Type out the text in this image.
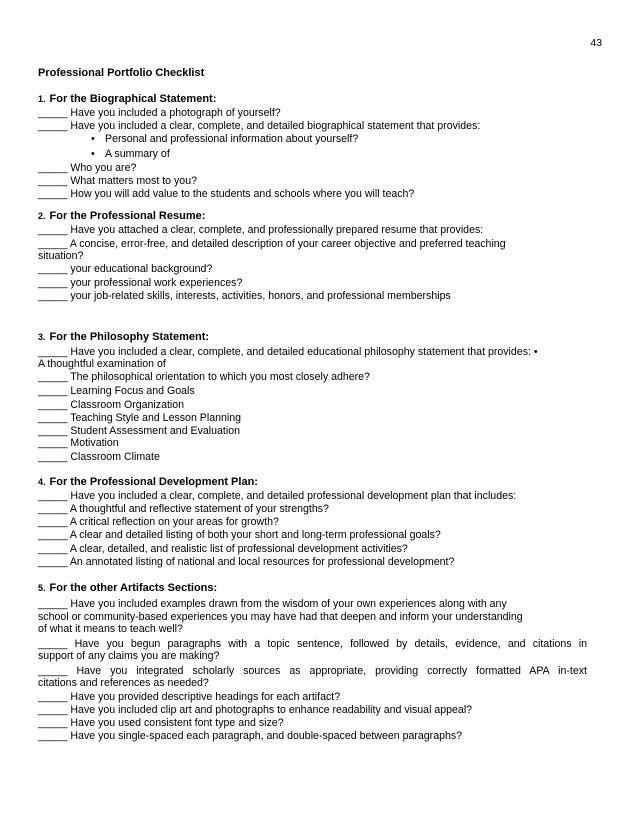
43
Professional Portfolio Checklist
1. For the Biographical Statement:
_____ Have you included a photograph of yourself?
_____ Have you included a clear, complete, and detailed biographical statement that provides:
• Personal and professional information about yourself?
• A summary of
_____ Who you are?
_____ What matters most to you?
_____ How you will add value to the students and schools where you will teach?
2. For the Professional Resume:
_____ Have you attached a clear, complete, and professionally prepared resume that provides:
_____ A concise, error-free, and detailed description of your career objective and preferred teaching
situation?
_____ your educational background?
_____ your professional work experiences?
_____ your job-related skills, interests, activities, honors, and professional memberships
3. For the Philosophy Statement:
_____ Have you included a clear, complete, and detailed educational philosophy statement that provides: •
A thoughtful examination of
_____ The philosophical orientation to which you most closely adhere?
_____ Learning Focus and Goals
_____ Classroom Organization
_____ Teaching Style and Lesson Planning
_____ Student Assessment and Evaluation
_____ Motivation
_____ Classroom Climate
4. For the Professional Development Plan:
_____ Have you included a clear, complete, and detailed professional development plan that includes:
_____ A thoughtful and reflective statement of your strengths?
_____ A critical reflection on your areas for growth?
_____ A clear and detailed listing of both your short and long-term professional goals?
_____ A clear, detailed, and realistic list of professional development activities?
_____ An annotated listing of national and local resources for professional development?
5. For the other Artifacts Sections:
_____ Have you included examples drawn from the wisdom of your own experiences along with any
school or community-based experiences you may have had that deepen and inform your understanding
of what it means to teach well?
_____ Have you begun paragraphs with a topic sentence, followed by details, evidence, and citations in
support of any claims you are making?
_____ Have you integrated scholarly sources as appropriate, providing correctly formatted APA in-text
citations and references as needed?
_____ Have you provided descriptive headings for each artifact?
_____ Have you included clip art and photographs to enhance readability and visual appeal?
_____ Have you used consistent font type and size?
_____ Have you single-spaced each paragraph, and double-spaced between paragraphs?
